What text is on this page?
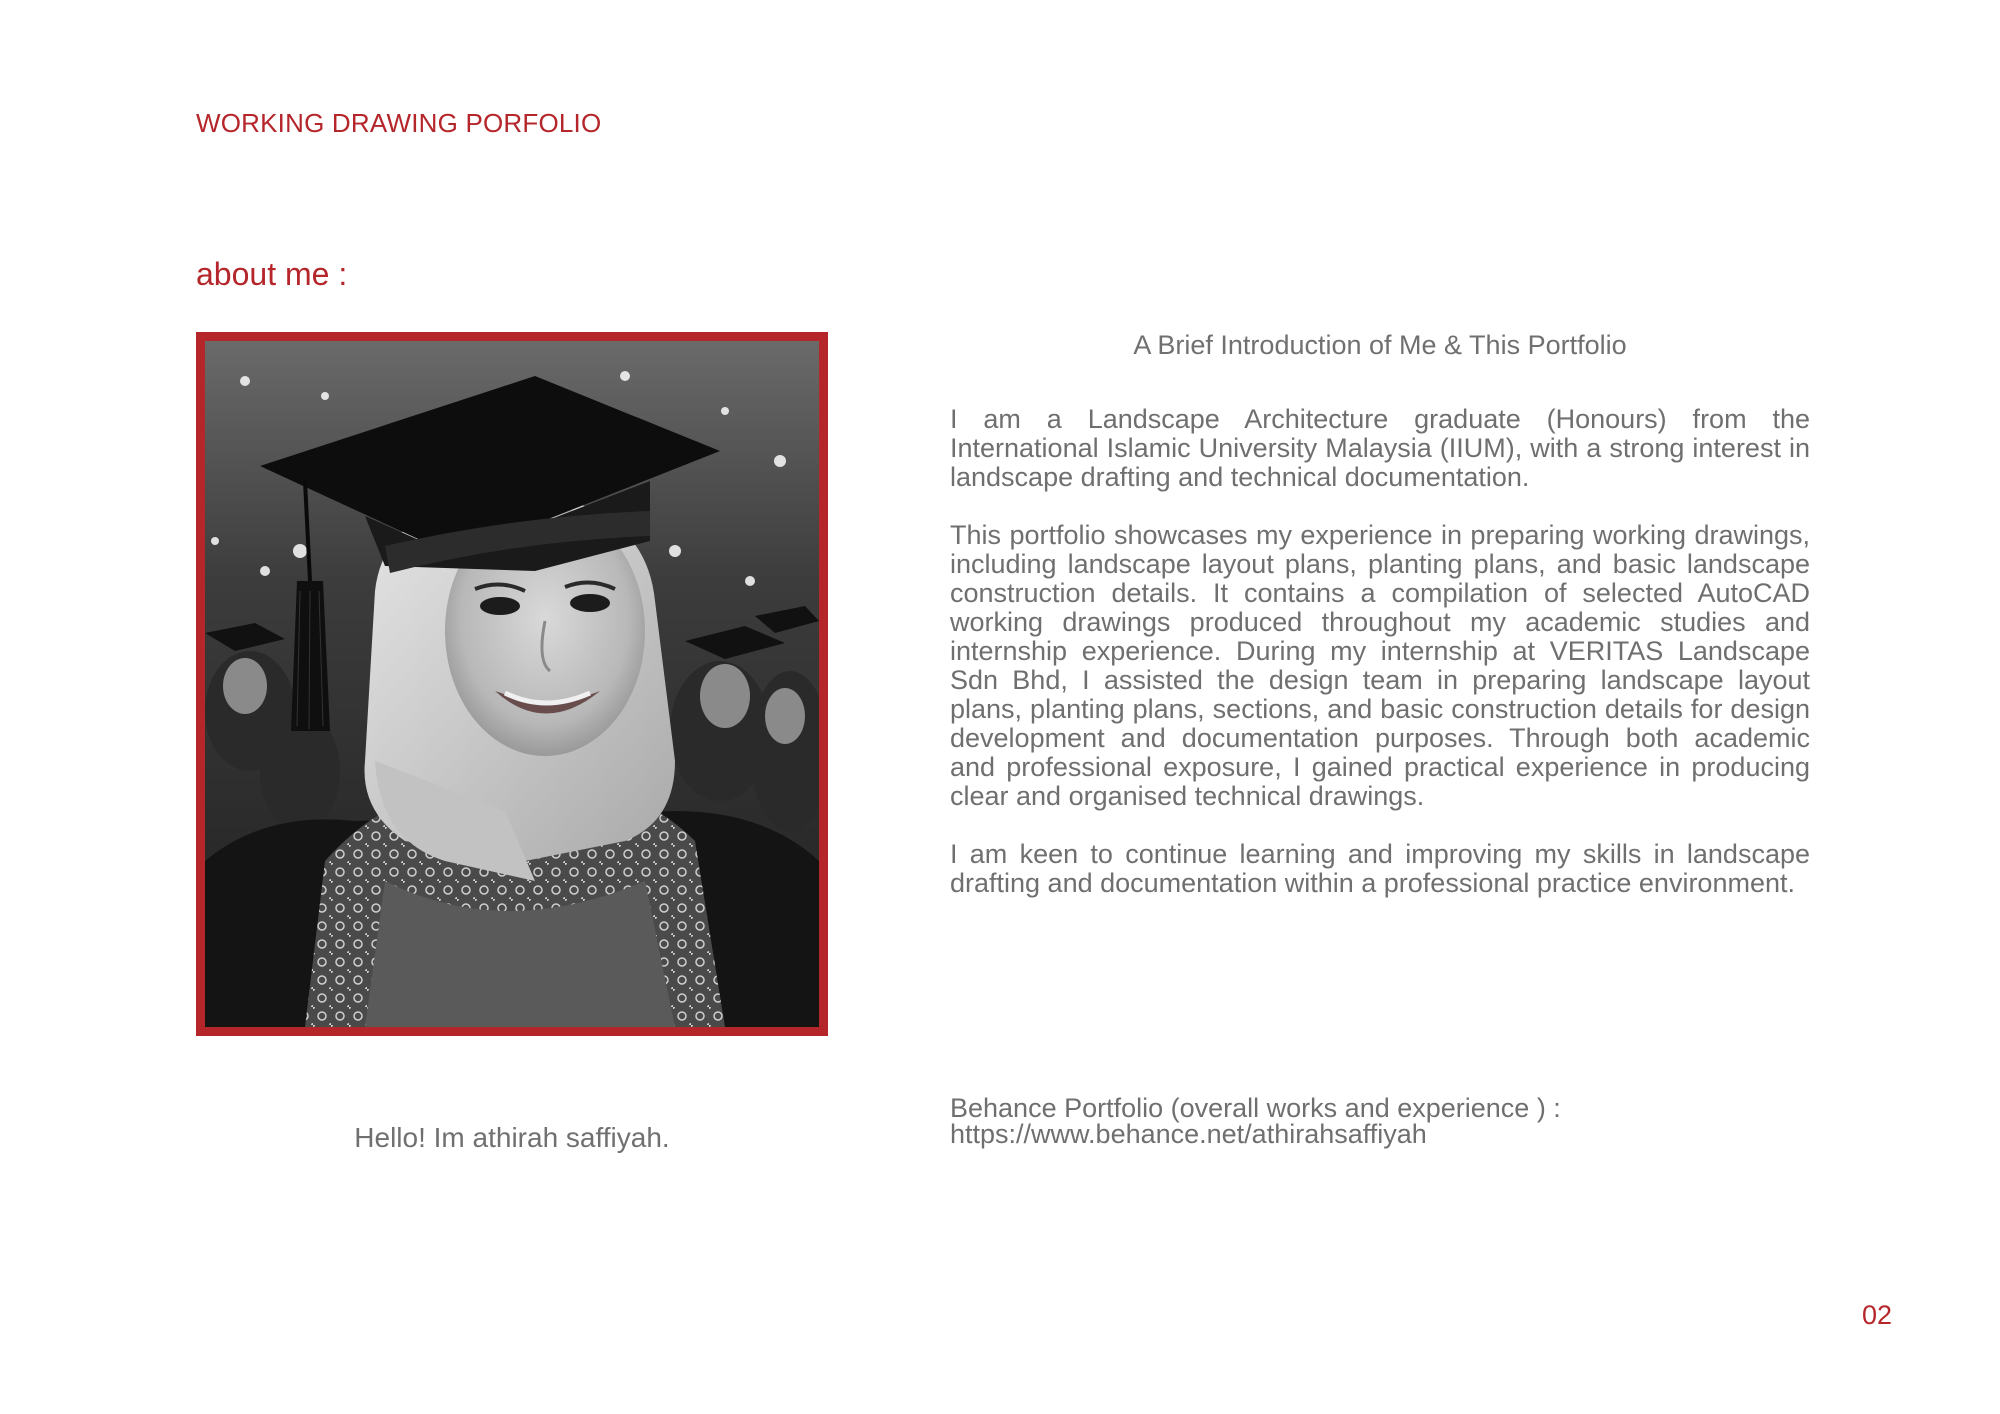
WORKING DRAWING PORFOLIO
about me :
Hello! Im athirah saffiyah.
A Brief Introduction of Me & This Portfolio

I am a Landscape Architecture graduate (Honours) from the International Islamic University Malaysia (IIUM), with a strong interest in landscape drafting and technical documentation.

This portfolio showcases my experience in preparing working drawings, including landscape layout plans, planting plans, and basic landscape construction details. It contains a compilation of selected AutoCAD working drawings produced throughout my academic studies and internship experience. During my internship at VERITAS Landscape Sdn Bhd, I assisted the design team in preparing landscape layout plans, planting plans, sections, and basic construction details for design development and documentation purposes. Through both academic and professional exposure, I gained practical experience in producing clear and organised technical drawings.

I am keen to continue learning and improving my skills in landscape drafting and documentation within a professional practice environment.

Behance Portfolio (overall works and experience ) :
https://www.behance.net/athirahsaffiyah
02
